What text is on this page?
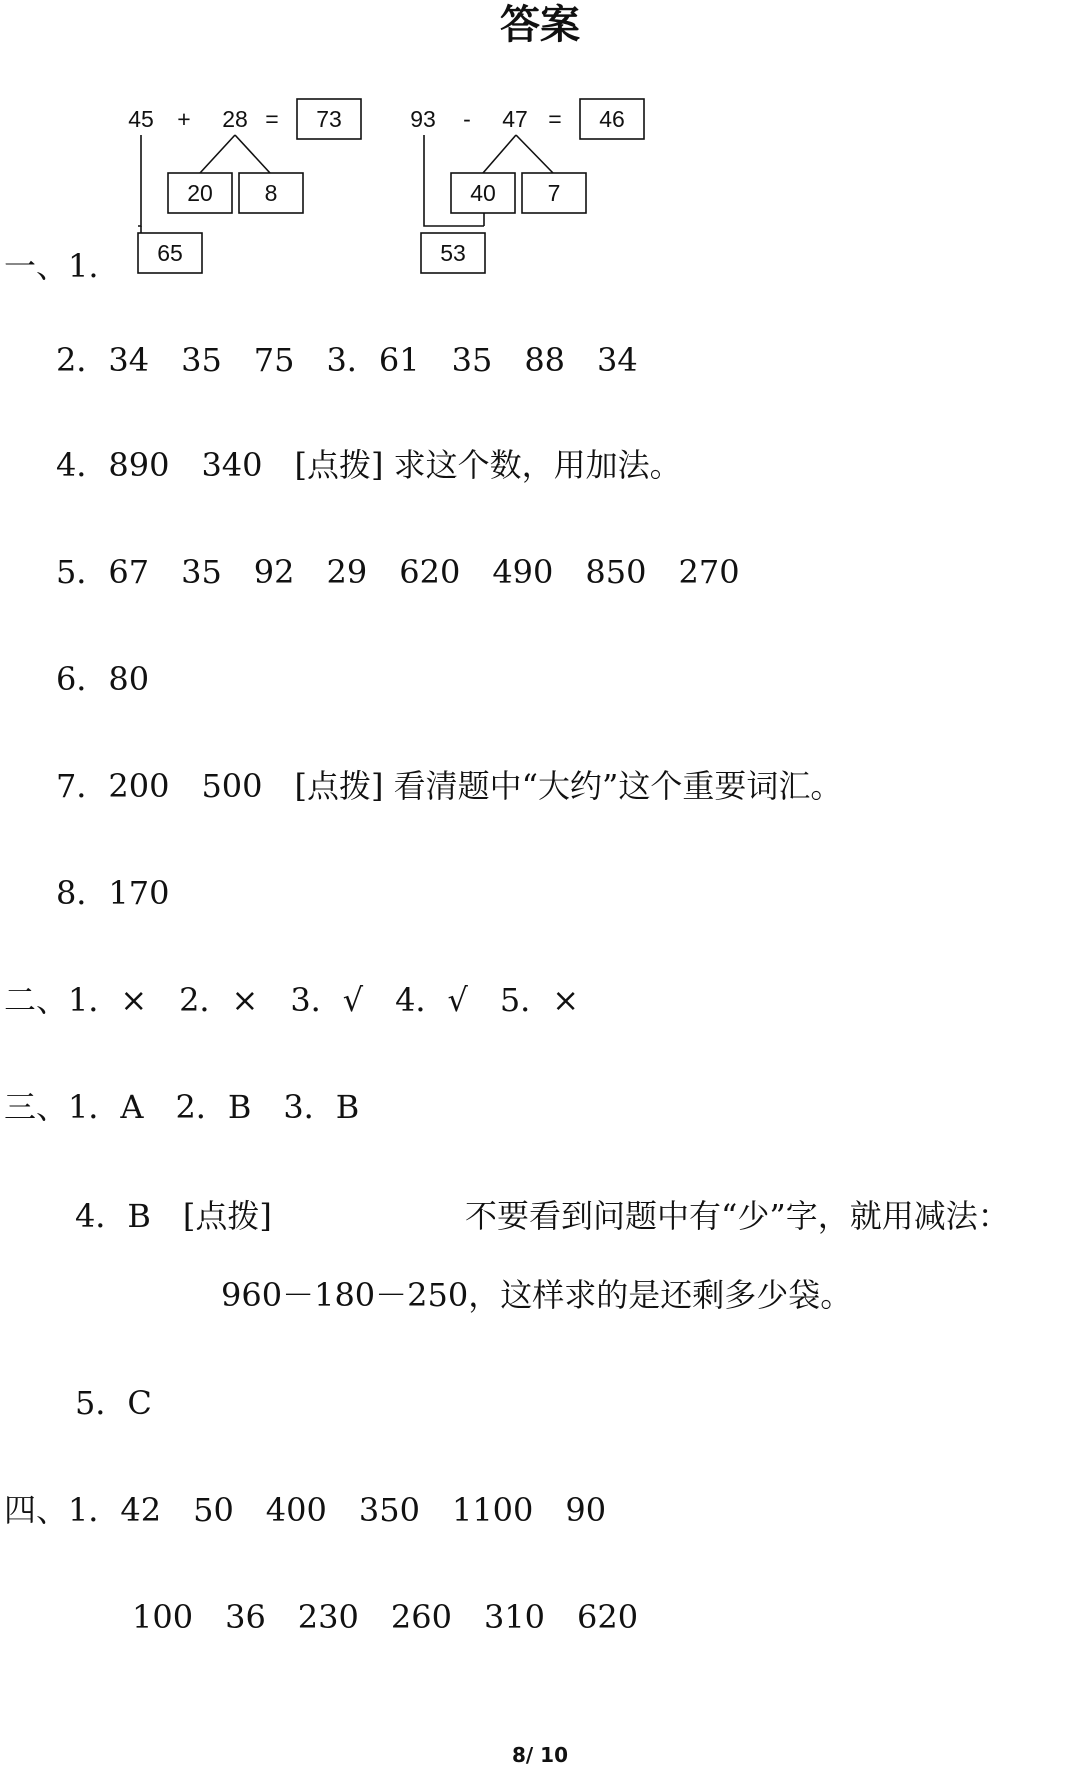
答案
45 + 28 = 73
20 8
65
93 - 47 = 46
40 7
53
一、1.
2．34　35　75　3．61　35　88　34
4．890　340　[点拨] 求这个数，用加法。
5．67　35　92　29　620　490　850　270
6．80
7．200　500　[点拨] 看清题中“大约”这个重要词汇。
8．170
二、1．×　2．×　3．√　4．√　5．×
三、1．A　2．B　3．B
4．B　[点拨]	不要看到问题中有“少”字，就用减法：
960－180－250，这样求的是还剩多少袋。
5．C
四、1．42　50　400　350　1100　90
100　36　230　260　310　620
8/ 10
